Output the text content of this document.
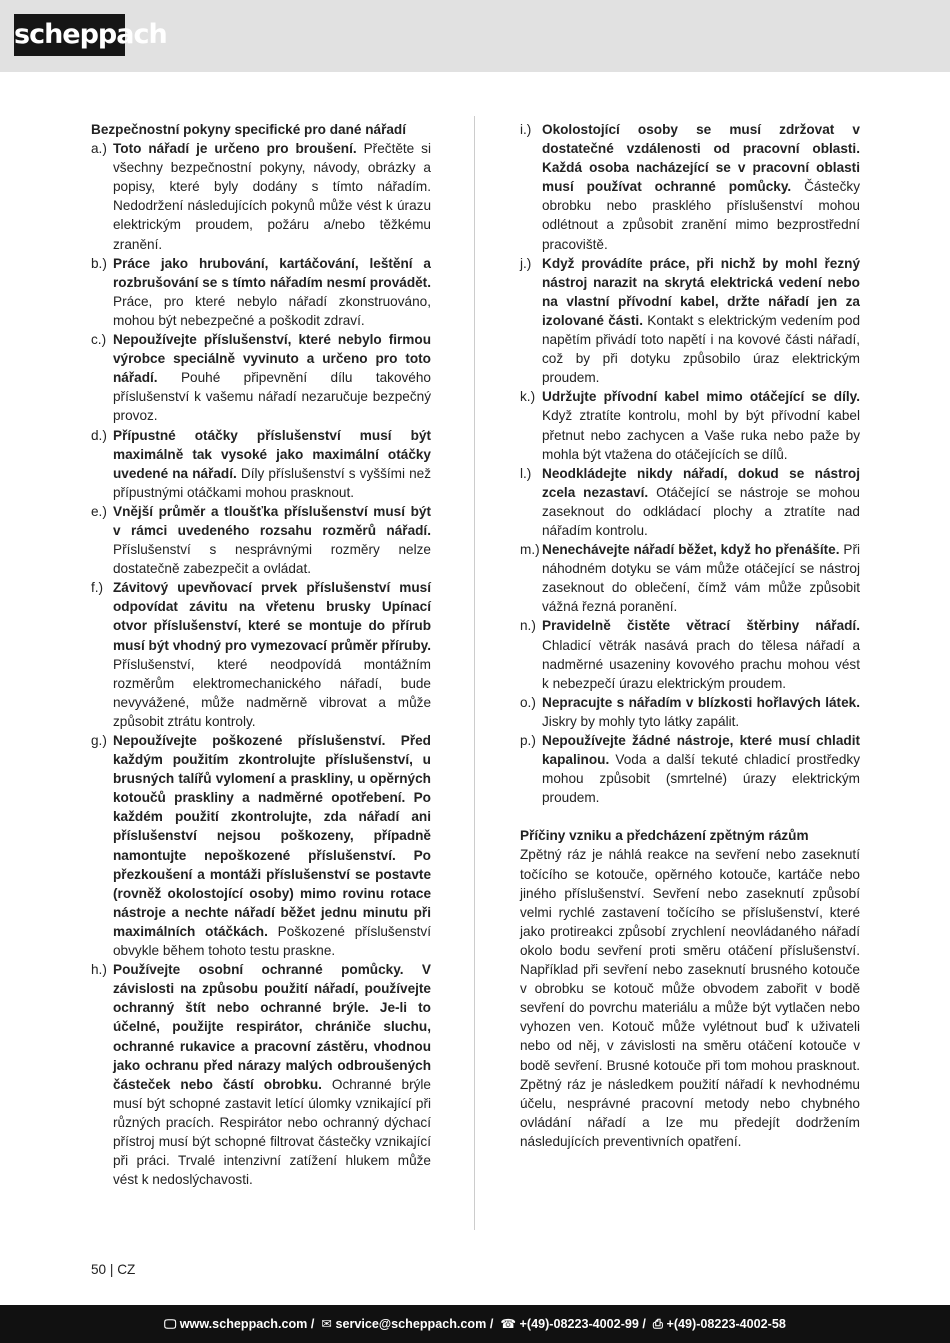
scheppach
Bezpečnostní pokyny specifické pro dané nářadí
a.) Toto nářadí je určeno pro broušení. Přečtěte si všechny bezpečnostní pokyny, návody, obrázky a popisy, které byly dodány s tímto nářadím. Nedodržení následujících pokynů může vést k úrazu elektrickým proudem, požáru a/nebo těžkému zranění.
b.) Práce jako hrubování, kartáčování, leštění a rozbrušování se s tímto nářadím nesmí provádět. Práce, pro které nebylo nářadí zkonstruováno, mohou být nebezpečné a poškodit zdraví.
c.) Nepoužívejte příslušenství, které nebylo firmou výrobce speciálně vyvinuto a určeno pro toto nářadí. Pouhé připevnění dílu takového příslušenství k vašemu nářadí nezaručuje bezpečný provoz.
d.) Přípustné otáčky příslušenství musí být maximálně tak vysoké jako maximální otáčky uvedené na nářadí. Díly příslušenství s vyššími než přípustnými otáčkami mohou prasknout.
e.) Vnější průměr a tloušťka příslušenství musí být v rámci uvedeného rozsahu rozměrů nářadí. Příslušenství s nesprávnými rozměry nelze dostatečně zabezpečit a ovládat.
f.) Závitový upevňovací prvek příslušenství musí odpovídat závitu na vřetenu brusky Upínací otvor příslušenství, které se montuje do přírub musí být vhodný pro vymezovací průměr příruby. Příslušenství, které neodpovídá montážním rozměrům elektromechanického nářadí, bude nevyvážené, může nadměrně vibrovat a může způsobit ztrátu kontroly.
g.) Nepoužívejte poškozené příslušenství. Před každým použitím zkontrolujte příslušenství, u brusných talířů vylomení a praskliny, u opěrných kotoučů praskliny a nadměrné opotřebení. Po každém použití zkontrolujte, zda nářadí ani příslušenství nejsou poškozeny, případně namontujte nepoškozené příslušenství. Po přezkoušení a montáži příslušenství se postavte (rovněž okolostojící osoby) mimo rovinu rotace nástroje a nechte nářadí běžet jednu minutu při maximálních otáčkách. Poškozené příslušenství obvykle během tohoto testu praskne.
h.) Používejte osobní ochranné pomůcky. V závislosti na způsobu použití nářadí, používejte ochranný štít nebo ochranné brýle. Je-li to účelné, použijte respirátor, chrániče sluchu, ochranné rukavice a pracovní zástěru, vhodnou jako ochranu před nárazy malých odbroušených částeček nebo částí obrobku. Ochranné brýle musí být schopné zastavit letící úlomky vznikající při různých pracích. Respirátor nebo ochranný dýchací přístroj musí být schopné filtrovat částečky vznikající při práci. Trvalé intenzivní zatížení hlukem může vést k nedoslýchavosti.
i.) Okolostojící osoby se musí zdržovat v dostatečné vzdálenosti od pracovní oblasti. Každá osoba nacházející se v pracovní oblasti musí používat ochranné pomůcky. Částečky obrobku nebo prasklého příslušenství mohou odlétnout a způsobit zranění mimo bezprostřední pracoviště.
j.) Když provádíte práce, při nichž by mohl řezný nástroj narazit na skrytá elektrická vedení nebo na vlastní přívodní kabel, držte nářadí jen za izolované části. Kontakt s elektrickým vedením pod napětím přivádí toto napětí i na kovové části nářadí, což by při dotyku způsobilo úraz elektrickým proudem.
k.) Udržujte přívodní kabel mimo otáčející se díly. Když ztratíte kontrolu, mohl by být přívodní kabel přetnut nebo zachycen a Vaše ruka nebo paže by mohla být vtažena do otáčejících se dílů.
l.) Neodkládejte nikdy nářadí, dokud se nástroj zcela nezastaví. Otáčející se nástroje se mohou zaseknout do odkládací plochy a ztratíte nad nářadím kontrolu.
m.) Nenechávejte nářadí běžet, když ho přenášíte. Při náhodném dotyku se vám může otáčející se nástroj zaseknout do oblečení, čímž vám může způsobit vážná řezná poranění.
n.) Pravidelně čistěte větrací štěrbiny nářadí. Chladicí větrák nasává prach do tělesa nářadí a nadměrné usazeniny kovového prachu mohou vést k nebezpečí úrazu elektrickým proudem.
o.) Nepracujte s nářadím v blízkosti hořlavých látek. Jiskry by mohly tyto látky zapálit.
p.) Nepoužívejte žádné nástroje, které musí chladit kapalinou. Voda a další tekuté chladicí prostředky mohou způsobit (smrtelné) úrazy elektrickým proudem.
Příčiny vzniku a předcházení zpětným rázům
Zpětný ráz je náhlá reakce na sevření nebo zaseknutí točícího se kotouče, opěrného kotouče, kartáče nebo jiného příslušenství. Sevření nebo zaseknutí způsobí velmi rychlé zastavení točícího se příslušenství, které jako protireakci způsobí zrychlení neovládaného nářadí okolo bodu sevření proti směru otáčení příslušenství. Například při sevření nebo zaseknutí brusného kotouče v obrobku se kotouč může obvodem zabořit v bodě sevření do povrchu materiálu a může být vytlačen nebo vyhozen ven. Kotouč může vylétnout buď k uživateli nebo od něj, v závislosti na směru otáčení kotouče v bodě sevření. Brusné kotouče při tom mohou prasknout. Zpětný ráz je následkem použití nářadí k nevhodnému účelu, nesprávné pracovní metody nebo chybného ovládání nářadí a lze mu předejít dodržením následujících preventivních opatření.
50 | CZ
🖵 www.scheppach.com /  ✉ service@scheppach.com /  ☎ +(49)-08223-4002-99 /  ⎙ +(49)-08223-4002-58
